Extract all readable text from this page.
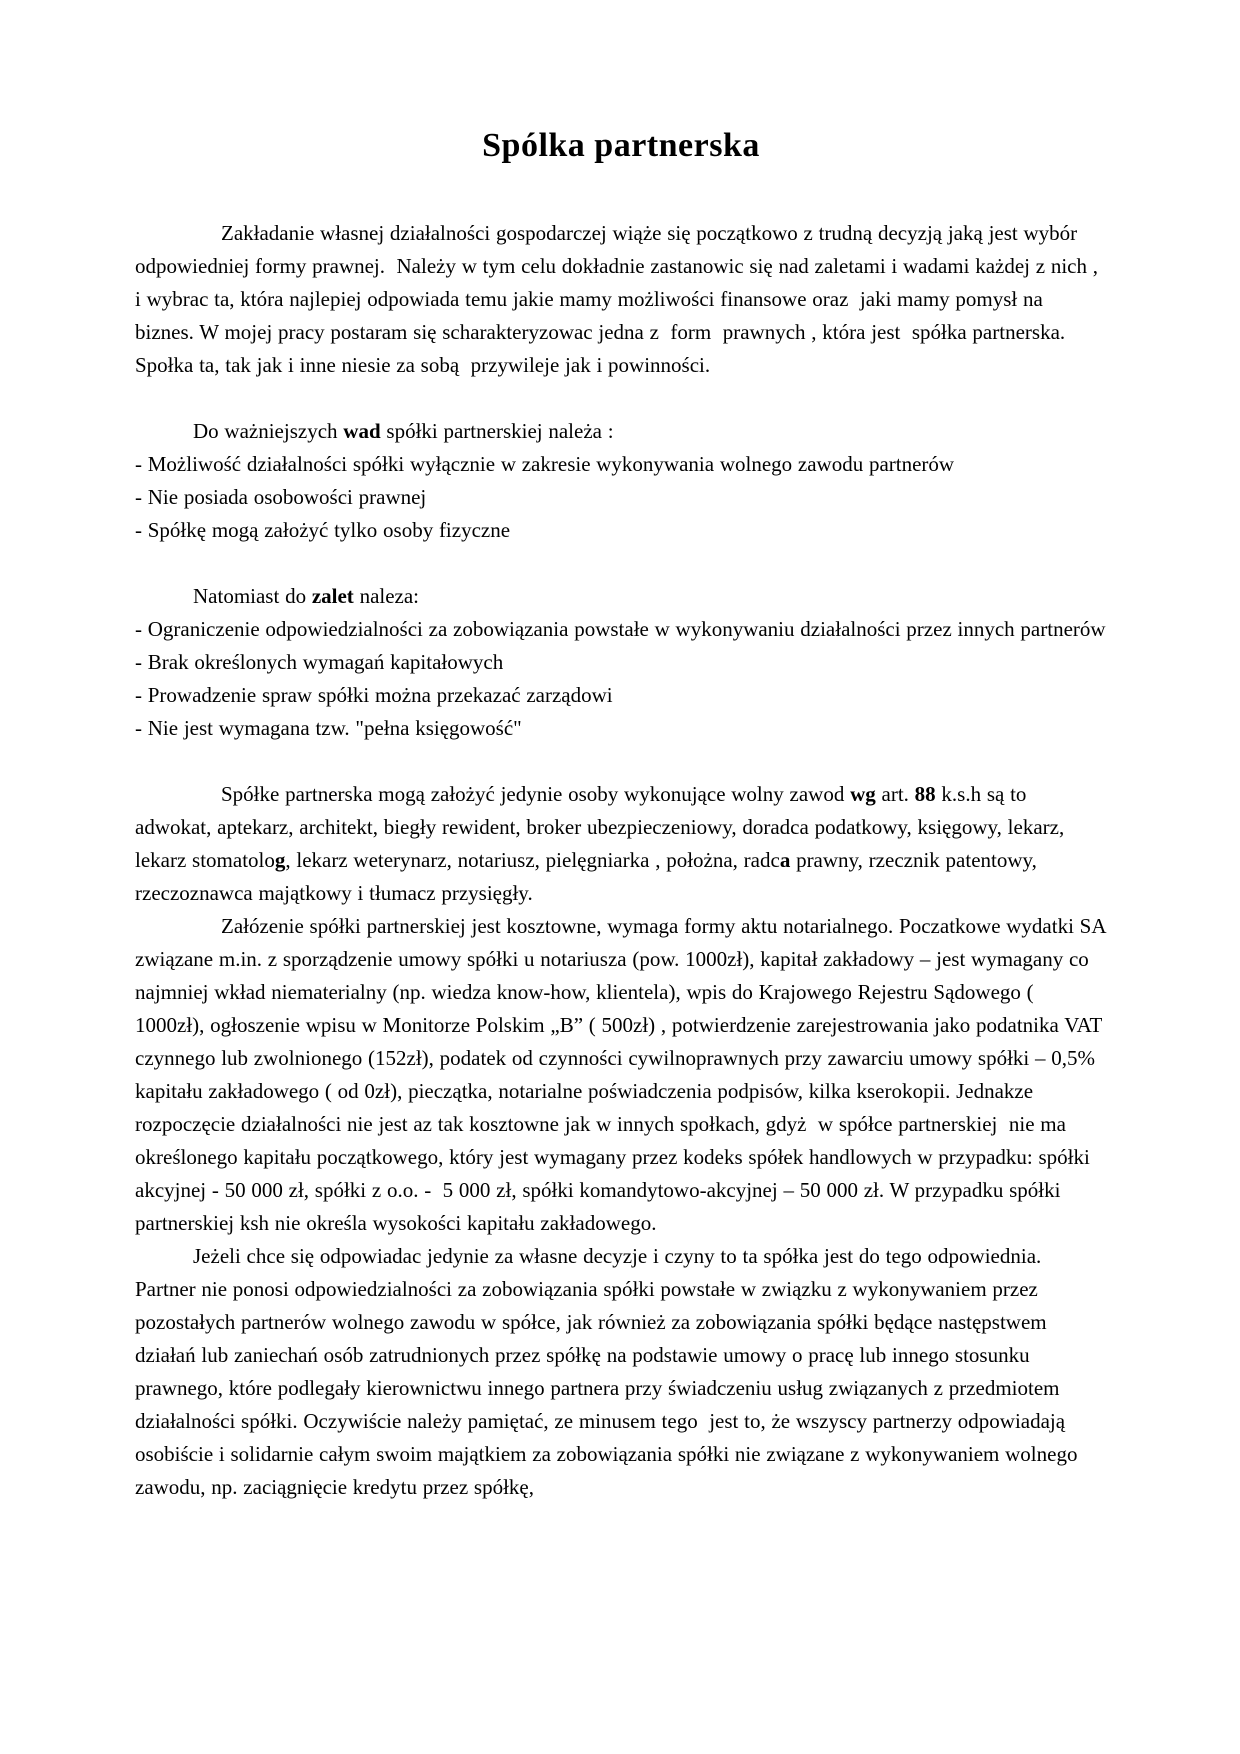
Spólka partnerska

Zakładanie własnej działalności gospodarczej wiąże się początkowo z trudną decyzją jaką jest wybór odpowiedniej formy prawnej.  Należy w tym celu dokładnie zastanowic się nad zaletami i wadami każdej z nich , i wybrac ta, która najlepiej odpowiada temu jakie mamy możliwości finansowe oraz  jaki mamy pomysł na biznes. W mojej pracy postaram się scharakteryzowac jedna z  form  prawnych , która jest  spółka partnerska.  Społka ta, tak jak i inne niesie za sobą  przywileje jak i powinności.

Do ważniejszych wad spółki partnerskiej należa :

- Możliwość działalności spółki wyłącznie w zakresie wykonywania wolnego zawodu partnerów

- Nie posiada osobowości prawnej

- Spółkę mogą założyć tylko osoby fizyczne

Natomiast do zalet naleza:

- Ograniczenie odpowiedzialności za zobowiązania powstałe w wykonywaniu działalności przez innych partnerów

- Brak określonych wymagań kapitałowych

- Prowadzenie spraw spółki można przekazać zarządowi

- Nie jest wymagana tzw. "pełna księgowość"

Spółke partnerska mogą założyć jedynie osoby wykonujące wolny zawod wg art. 88 k.s.h są to adwokat, aptekarz, architekt, biegły rewident, broker ubezpieczeniowy, doradca podatkowy, księgowy, lekarz, lekarz stomatolog, lekarz weterynarz, notariusz, pielęgniarka , położna, radca prawny, rzecznik patentowy, rzeczoznawca majątkowy i tłumacz przysięgły.

Załózenie spółki partnerskiej jest kosztowne, wymaga formy aktu notarialnego. Poczatkowe wydatki SA związane m.in. z sporządzenie umowy spółki u notariusza (pow. 1000zł), kapitał zakładowy – jest wymagany co najmniej wkład niematerialny (np. wiedza know-how, klientela), wpis do Krajowego Rejestru Sądowego ( 1000zł), ogłoszenie wpisu w Monitorze Polskim „B” ( 500zł) , potwierdzenie zarejestrowania jako podatnika VAT czynnego lub zwolnionego (152zł), podatek od czynności cywilnoprawnych przy zawarciu umowy spółki – 0,5% kapitału zakładowego ( od 0zł), pieczątka, notarialne poświadczenia podpisów, kilka kserokopii. Jednakze rozpoczęcie działalności nie jest az tak kosztowne jak w innych społkach, gdyż  w spółce partnerskiej  nie ma  określonego kapitału początkowego, który jest wymagany przez kodeks spółek handlowych w przypadku: spółki akcyjnej - 50 000 zł, spółki z o.o. -  5 000 zł, spółki komandytowo-akcyjnej – 50 000 zł. W przypadku spółki partnerskiej ksh nie określa wysokości kapitału zakładowego.

Jeżeli chce się odpowiadac jedynie za własne decyzje i czyny to ta spółka jest do tego odpowiednia. Partner nie ponosi odpowiedzialności za zobowiązania spółki powstałe w związku z wykonywaniem przez pozostałych partnerów wolnego zawodu w spółce, jak również za zobowiązania spółki będące następstwem działań lub zaniechań osób zatrudnionych przez spółkę na podstawie umowy o pracę lub innego stosunku prawnego, które podlegały kierownictwu innego partnera przy świadczeniu usług związanych z przedmiotem działalności spółki. Oczywiście należy pamiętać, ze minusem tego  jest to, że wszyscy partnerzy odpowiadają osobiście i solidarnie całym swoim majątkiem za zobowiązania spółki nie związane z wykonywaniem wolnego zawodu, np. zaciągnięcie kredytu przez spółkę,
